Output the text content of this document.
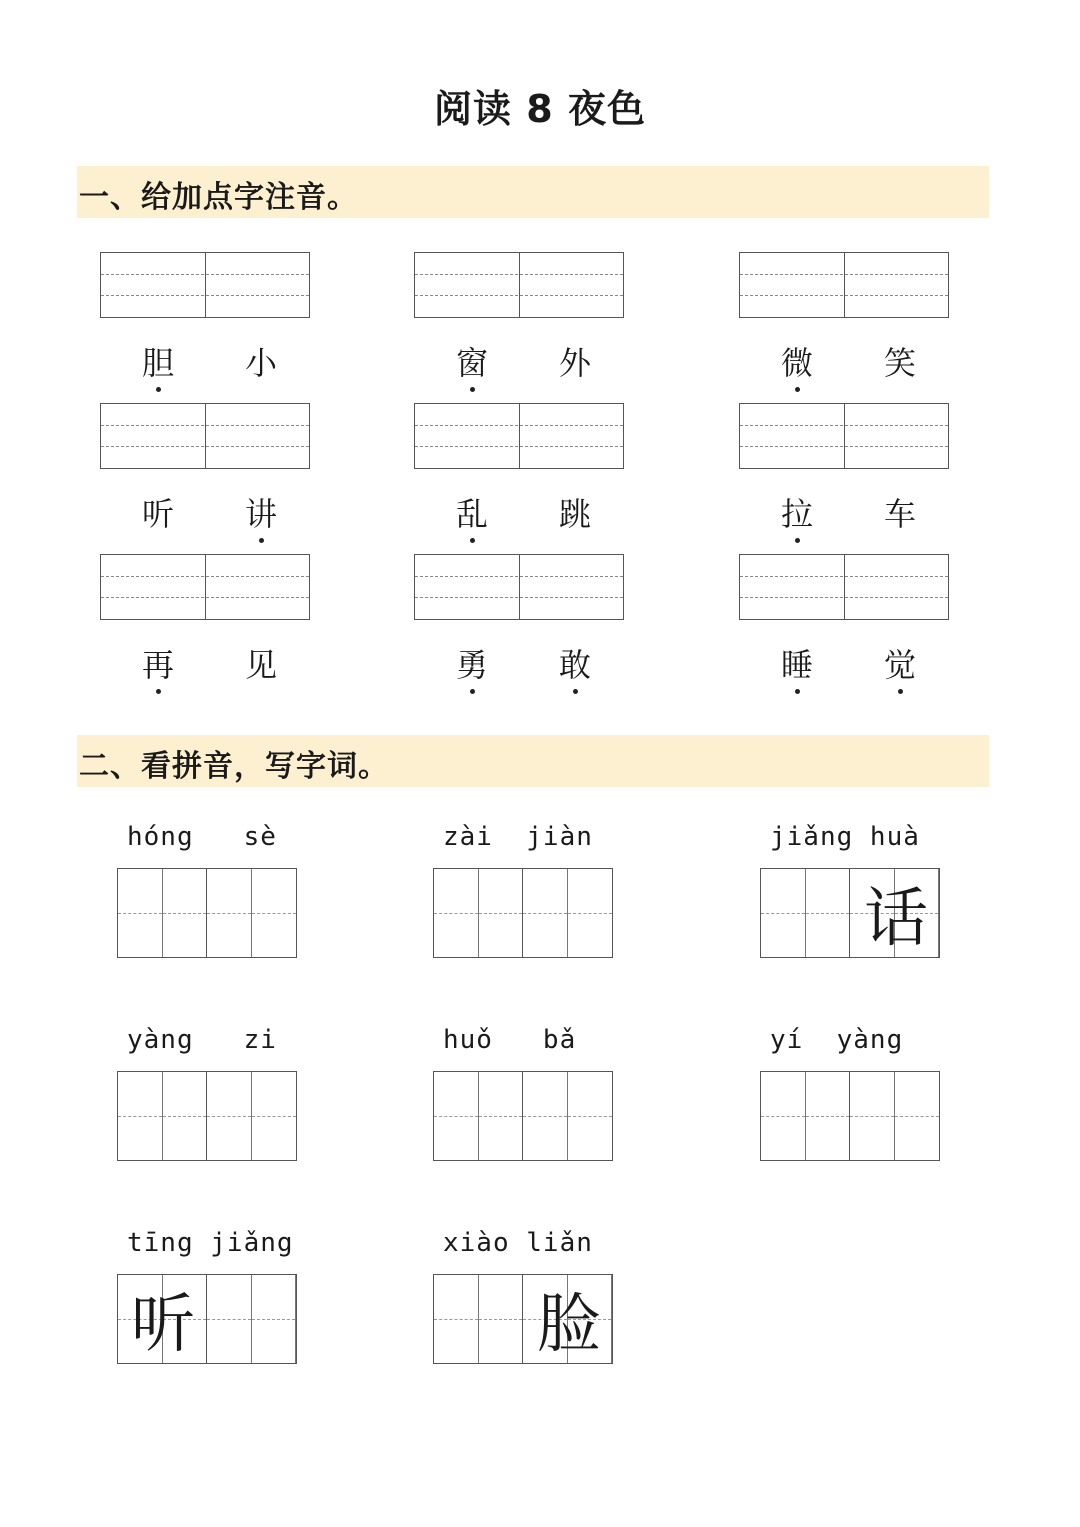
阅读 8 夜色
一、给加点字注音。
胆 小	窗 外	微 笑
听 讲	乱 跳	拉 车
再 见	勇 敢	睡 觉
二、看拼音，写字词。
hóng   sè	zài  jiàn	jiǎng huà
话
yàng   zi	huǒ   bǎ	yí  yàng
tīng jiǎng
听
xiào liǎn
脸
